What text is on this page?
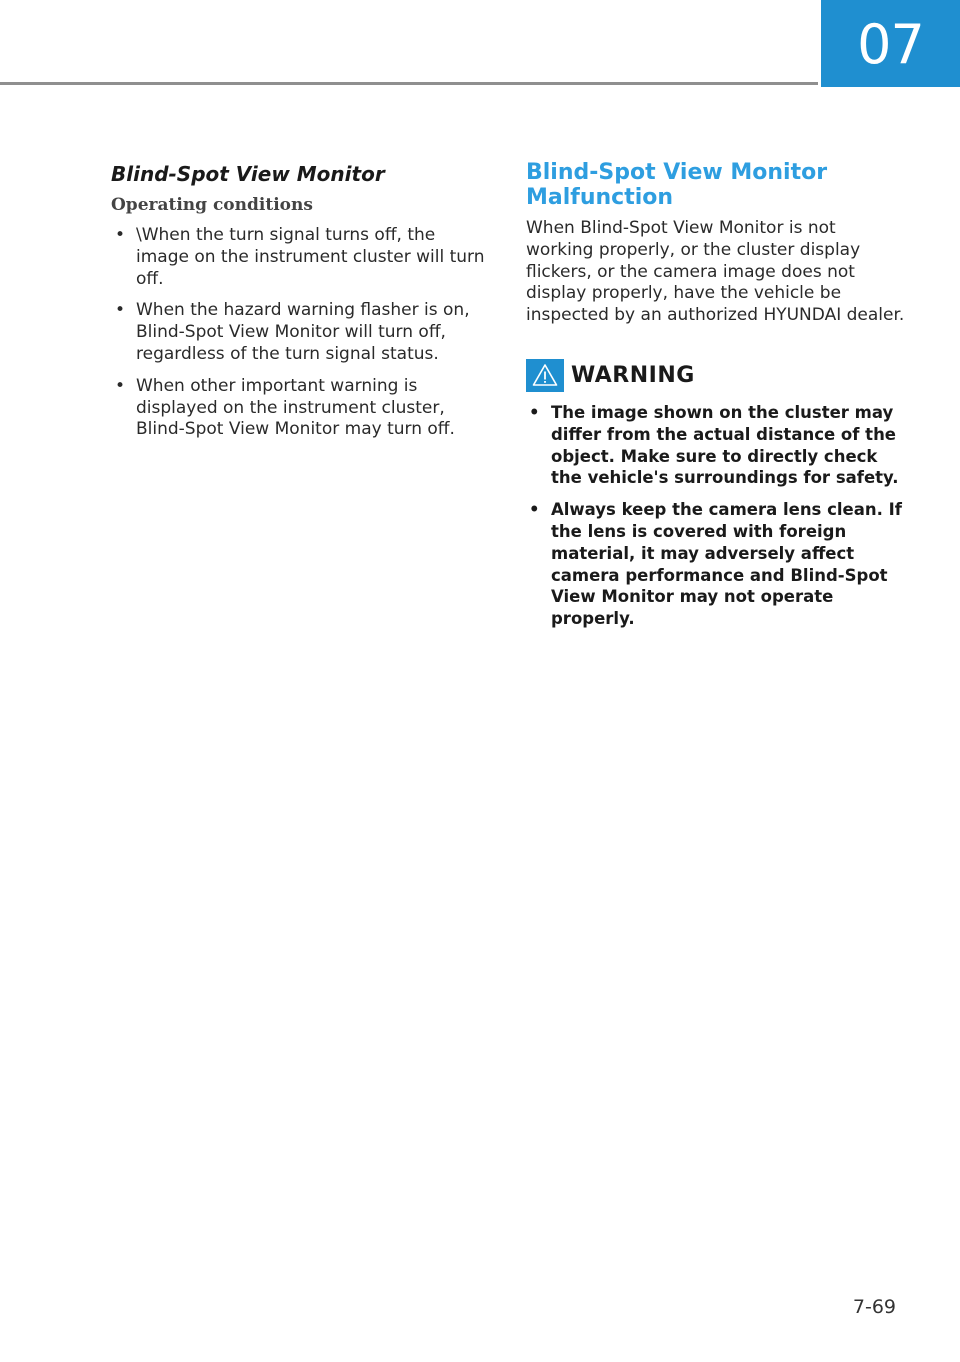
07
Blind-Spot View Monitor
Operating conditions
• \When the turn signal turns off, the image on the instrument cluster will turn off.
• When the hazard warning flasher is on, Blind-Spot View Monitor will turn off, regardless of the turn signal status.
• When other important warning is displayed on the instrument cluster, Blind-Spot View Monitor may turn off.
Blind-Spot View Monitor Malfunction

When Blind-Spot View Monitor is not working properly, or the cluster display flickers, or the camera image does not display properly, have the vehicle be inspected by an authorized HYUNDAI dealer.

WARNING
• The image shown on the cluster may differ from the actual distance of the object. Make sure to directly check the vehicle's surroundings for safety.
• Always keep the camera lens clean. If the lens is covered with foreign material, it may adversely affect camera performance and Blind-Spot View Monitor may not operate properly.
7-69
